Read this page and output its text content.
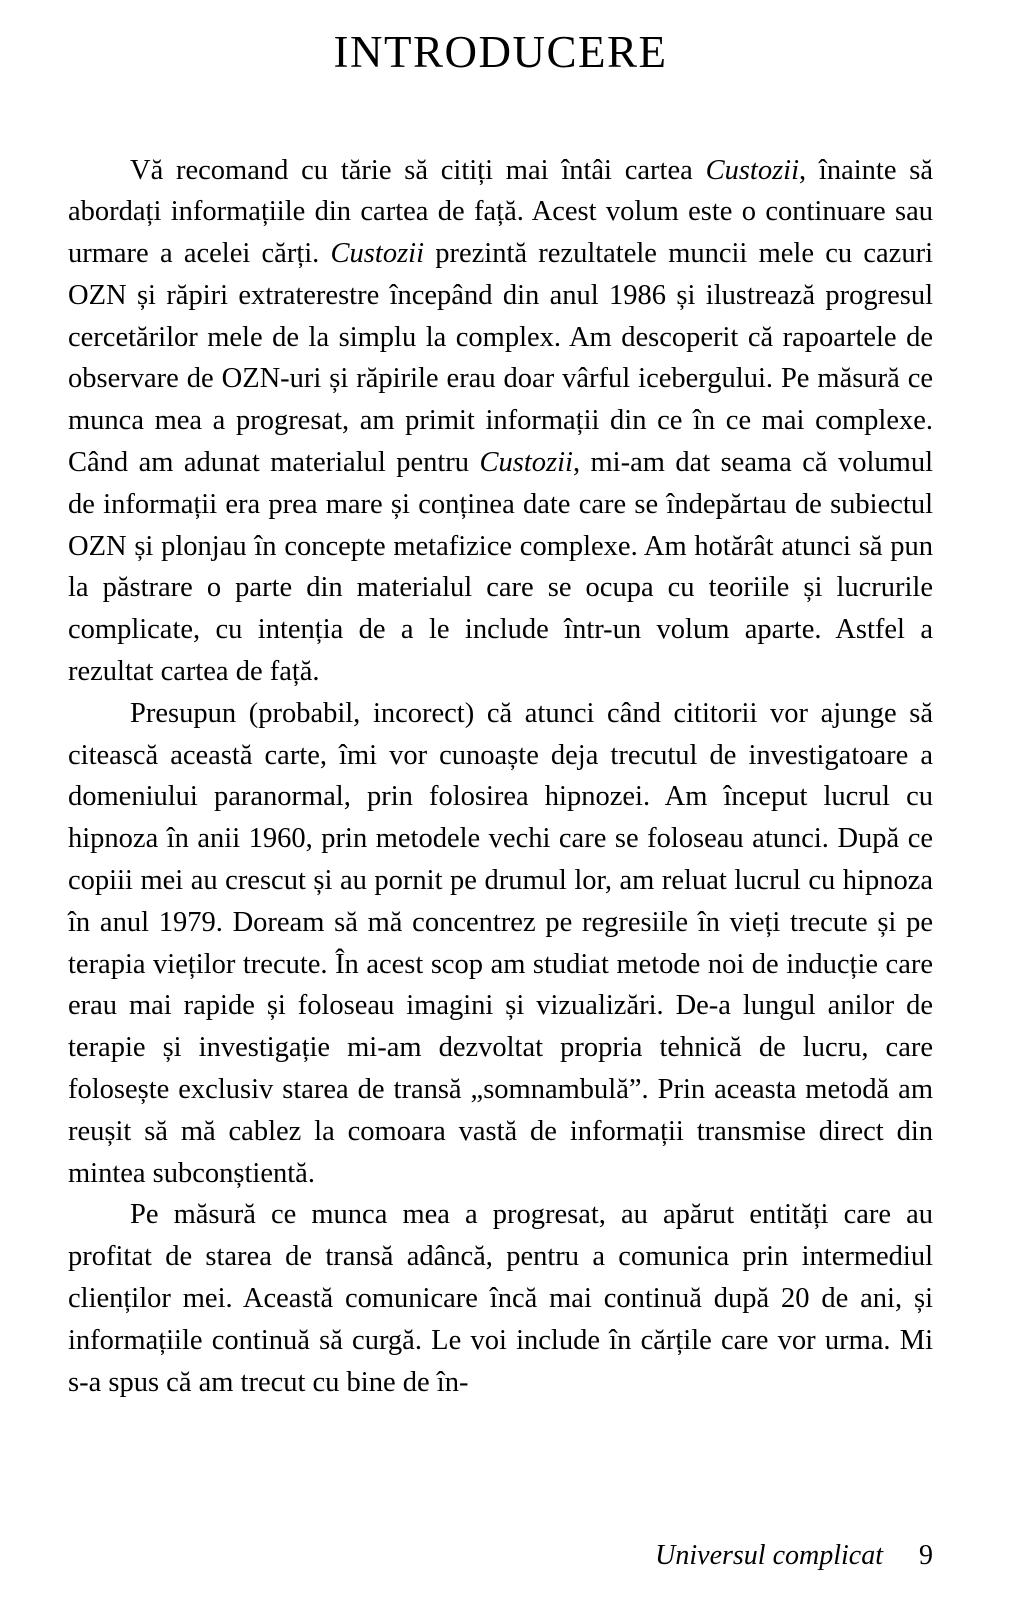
INTRODUCERE

Vă recomand cu tărie să citiți mai întâi cartea Custozii, înainte să abordați informațiile din cartea de față. Acest volum este o continuare sau urmare a acelei cărți. Custozii prezintă rezultatele muncii mele cu cazuri OZN și răpiri extraterestre începând din anul 1986 și ilustrează progresul cercetărilor mele de la simplu la complex. Am descoperit că rapoartele de observare de OZN-uri și răpirile erau doar vârful icebergului. Pe măsură ce munca mea a progresat, am primit informații din ce în ce mai complexe. Când am adunat materialul pentru Custozii, mi-am dat seama că volumul de informații era prea mare și conținea date care se îndepărtau de subiectul OZN și plonjau în concepte metafizice complexe. Am hotărât atunci să pun la păstrare o parte din materialul care se ocupa cu teoriile și lucrurile complicate, cu intenția de a le include într-un volum aparte. Astfel a rezultat cartea de față.

Presupun (probabil, incorect) că atunci când cititorii vor ajunge să citească această carte, îmi vor cunoaște deja trecutul de investigatoare a domeniului paranormal, prin folosirea hipnozei. Am început lucrul cu hipnoza în anii 1960, prin metodele vechi care se foloseau atunci. După ce copiii mei au crescut și au pornit pe drumul lor, am reluat lucrul cu hipnoza în anul 1979. Doream să mă concentrez pe regresiile în vieți trecute și pe terapia vieților trecute. În acest scop am studiat metode noi de inducție care erau mai rapide și foloseau imagini și vizualizări. De-a lungul anilor de terapie și investigație mi-am dezvoltat propria tehnică de lucru, care folosește exclusiv starea de transă „somnambulă”. Prin aceasta metodă am reușit să mă cablez la comoara vastă de informații transmise direct din mintea subconștientă.

Pe măsură ce munca mea a progresat, au apărut entități care au profitat de starea de transă adâncă, pentru a comunica prin intermediul clienților mei. Această comunicare încă mai continuă după 20 de ani, și informațiile continuă să curgă. Le voi include în cărțile care vor urma. Mi s-a spus că am trecut cu bine de în-

Universul complicat 9
